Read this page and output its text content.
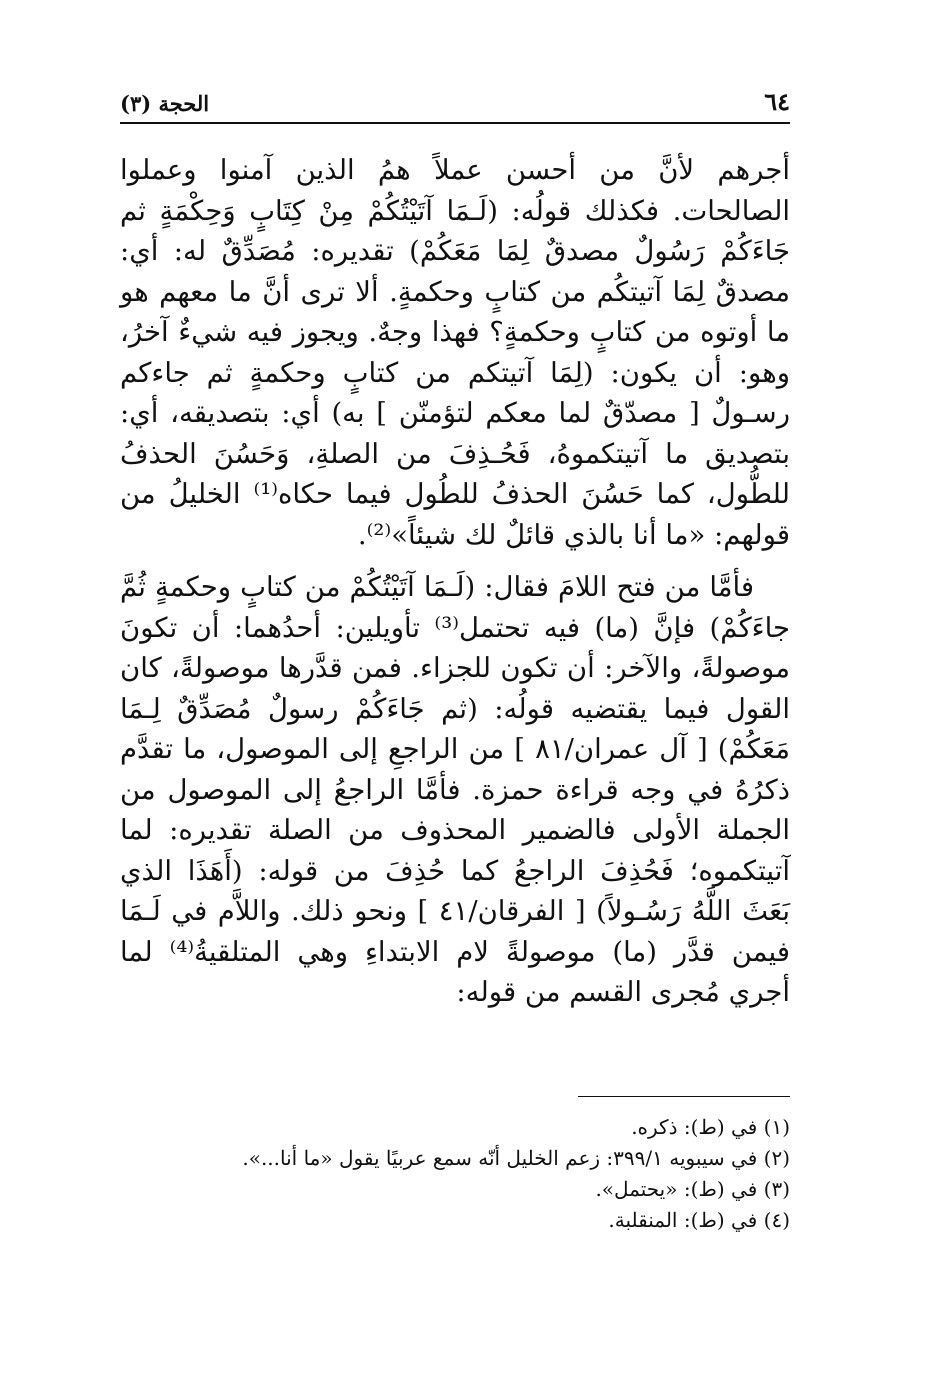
٦٤
الحجة (٣)

أجرهم لأنَّ من أحسن عملاً همُ الذين آمنوا وعملوا الصالحات. فكذلك قولُه: (لَـمَا آتَيْتُكُمْ مِنْ كِتَابٍ وَحِكْمَةٍ ثم جَاءَكُمْ رَسُولٌ مصدقٌ لِمَا مَعَكُمْ) تقديره: مُصَدِّقٌ له: أي: مصدقٌ لِمَا آتيتكُم من كتابٍ وحكمةٍ. ألا ترى أنَّ ما معهم هو ما أوتوه من كتابٍ وحكمةٍ؟ فهذا وجهٌ. ويجوز فيه شيءٌ آخرُ، وهو: أن يكون: (لِمَا آتيتكم من كتابٍ وحكمةٍ ثم جاءكم رسـولٌ [ مصدّقٌ لما معكم لتؤمنّن ] به) أي: بتصديقه، أي: بتصديق ما آتيتكموهُ، فَحُـذِفَ من الصلةِ، وَحَسُنَ الحذفُ للطُّول، كما حَسُنَ الحذفُ للطُول فيما حكاه⁽¹⁾ الخليلُ من قولهم: «ما أنا بالذي قائلٌ لك شيئاً»⁽²⁾.

فأمَّا من فتح اللامَ فقال: (لَـمَا آتَيْتُكُمْ من كتابٍ وحكمةٍ ثُمَّ جاءَكُمْ) فإنَّ (ما) فيه تحتمل⁽³⁾ تأويلين: أحدُهما: أن تكونَ موصولةً، والآخر: أن تكون للجزاء. فمن قدَّرها موصولةً، كان القول فيما يقتضيه قولُه: (ثم جَاءَكُمْ رسولٌ مُصَدِّقٌ لِـمَا مَعَكُمْ) [ آل عمران/٨١ ] من الراجعِ إلى الموصول، ما تقدَّم ذكرُهُ في وجه قراءة حمزة. فأمَّا الراجعُ إلى الموصول من الجملة الأولى فالضمير المحذوف من الصلة تقديره: لما آتيتكموه؛ فَحُذِفَ الراجعُ كما حُذِفَ من قوله: (أَهَذَا الذي بَعَثَ اللَّهُ رَسُـولاً) [ الفرقان/٤١ ] ونحو ذلك. واللاَّم في لَـمَا فيمن قدَّر (ما) موصولةً لام الابتداءِ وهي المتلقيةُ⁽⁴⁾ لما أجري مُجرى القسم من قوله:

(١) في (ط): ذكره.

(٢) في سيبويه ٣٩٩/١: زعم الخليل أنّه سمع عربيًا يقول «ما أنا...».

(٣) في (ط): «يحتمل».

(٤) في (ط): المنقلبة.
